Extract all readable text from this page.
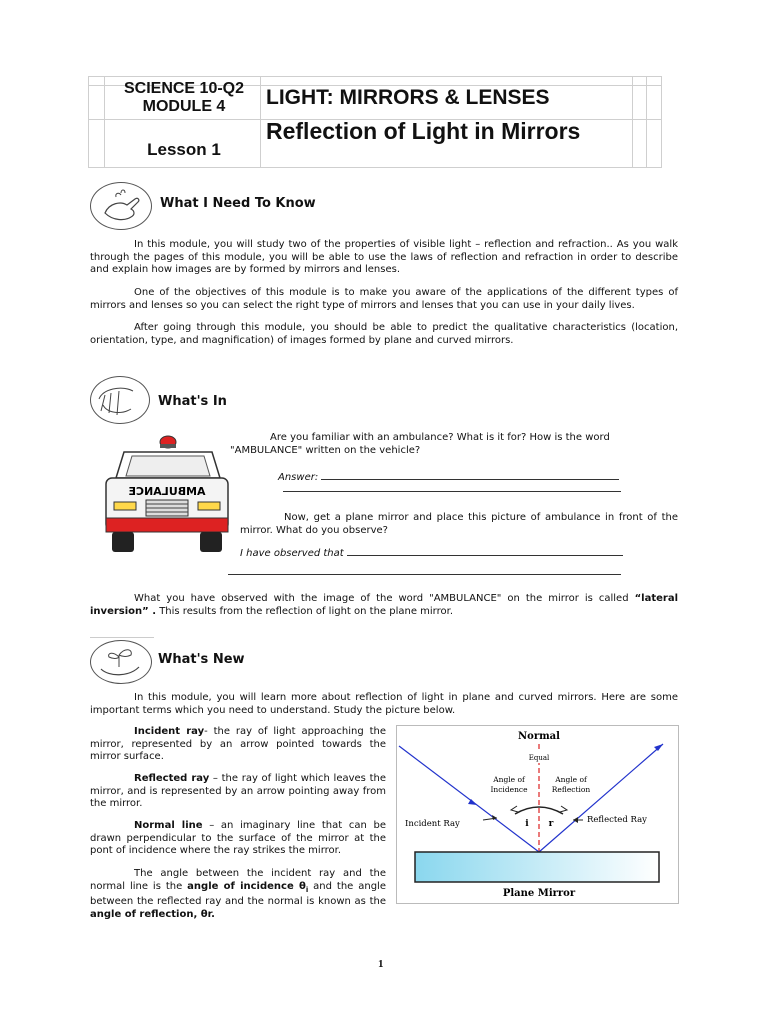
SCIENCE 10-Q2
MODULE 4
Lesson 1
LIGHT: MIRRORS & LENSES
Reflection of Light in Mirrors
What I Need To Know
In this module, you will study two of the properties of visible light – reflection and refraction.. As you walk through the pages of this module, you will be able to use the laws of reflection and refraction in order to describe and explain how images are by formed by mirrors and lenses.
One of the objectives of this module is to make you aware of the applications of the different types of mirrors and lenses so you can select the right type of mirrors and lenses that you can use in your daily lives.
After going through this module, you should be able to predict the qualitative characteristics (location, orientation, type, and magnification) of images formed by plane and curved mirrors.
What's In
AMBULANCE
Are you familiar with an ambulance? What is it for? How is the word "AMBULANCE" written on the vehicle?
Answer:
Now, get a plane mirror and place this picture of ambulance in front of the mirror. What do you observe?
I have observed that
What you have observed with the image of the word "AMBULANCE" on the mirror is called “lateral inversion” . This results from the reflection of light on the plane mirror.
What's New
In this module, you will learn more about reflection of light in plane and curved mirrors. Here are some important terms which you need to understand. Study the picture below.
Incident ray- the ray of light approaching the mirror, represented by an arrow pointed towards the mirror surface.
Reflected ray – the ray of light which leaves the mirror, and is represented by an arrow pointing away from the mirror.
Normal line – an imaginary line that can be drawn perpendicular to the surface of the mirror at the pont of incidence where the ray strikes the mirror.
The angle between the incident ray and the normal line is the angle of incidence $\theta_i$ and the angle between the reflected ray and the normal is known as the angle of reflection, θr.
Normal
Equal
Angle of
Incidence
Angle of
Reflection
i r
Incident Ray	Reflected Ray
Plane Mirror
1
